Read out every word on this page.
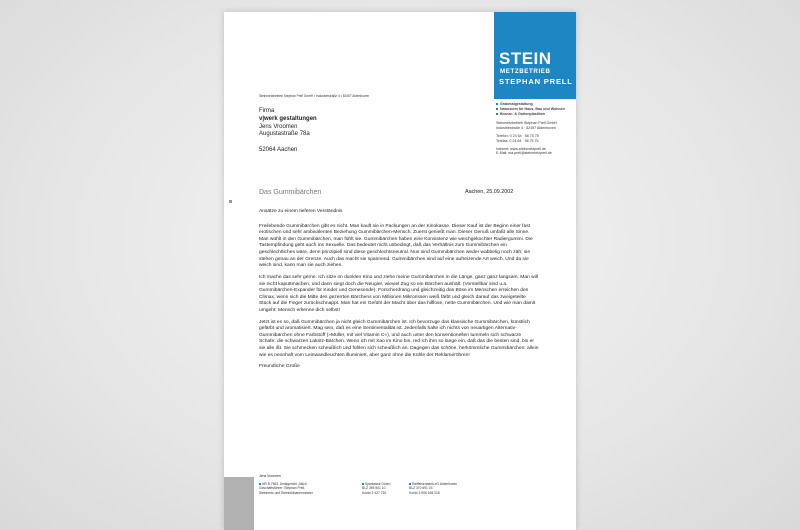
STEIN
METZBETRIEB
STEPHAN PRELL
Steinmetzbetrieb Stephan Prell GmbH • Industriestraße 4 • 52457 Aldenhoven
Firma
v|werk gestaltungen
Jens Vroomen
Augustastraße 78a
52064 Aachen
Grabmalgestaltung
Naturstein für Haus, Bau und Wohnen
Bronze- & Gartenplastiken
Steinmetzbetrieb Stephan Prell GmbH
Industriestraße 4 · 52457 Aldenhoven
Telefon: 0 24 64 · 58 75 75
Telefax: 0 24 64 · 58 75 75
Internet: www.steinmetzprell.de
E-Mail: ma.prell@steinmetzprell.de
Das Gummibärchen	Aachen, 25.09.2002

Ansätze zu einem tieferen Verständnis

Freilebende Gummibärchen gibt es nicht. Man kauft sie in Packungen an der Kinokasse. Dieser Kauf ist der Beginn einer fast erotischen und sehr ambivalenten Beziehung Gummibärchen-Mensch. Zuerst genießt man. Dieser Genuß umfaßt alle Sinne. Man wühlt in den Gummibärchen, man fühlt sie. Gummibärchen haben eine Konsistenz wie weichgekochter Radiergummi. Die Tastempfindung geht auch ins Sexuelle. Das bedeutet nicht unbedingt, daß das Verhältnis zum Gummibärchen ein geschlechtliches wäre, denn prinzipiell sind diese geschlechtsneutral. Nun sind Gummibärchen weder wabbelig noch zäh; sie stehen genau an der Grenze. Auch das macht sie spannend. Gummibärchen sind auf eine aufreizende Art weich. Und da sie weich sind, kann man sie auch ziehen.

Ich mache das sehr gerne. Ich sitze im dunklen Kino und ziehe meine Gummibärchen in die Länge, ganz ganz langsam. Man will sie nicht kaputtmachen, und dann siegt doch die Neugier, wieviel Zug so ein Bärchen aushält. (Vorstellbar sind u.a. Gummibärchen-Expander für Kinder und Genesende). Forscherdrang und gleichzeitig das Böse im Menschen erreichen den Climax, wenn sich die Mitte des gezerrten Bärchens von Millionen Mikrorissen weiß färbt und gleich darauf das zweigeteilte Stück auf die Finger zurückschnappt. Man hat ein Gefühl der Macht über das hilflose, nette Gummibärchen. Und wie man damit umgeht: Mensch erkenne dich selbst!

Jetzt ist es so, daß Gummibärchen ja nicht gleich Gummibärchen ist. Ich bevorzuge das klassische Gummibärchen, künstlich gefärbt und aromatisiert. Mag sein, daß es eine Sentimentalität ist. Jedenfalls halte ich nichts von neuartigen Alternativ-Gummibärchen ohne Farbstoff (»Müller, mit viel Vitamin C«), und auch unter den konventionellen tummeln sich schwarze Schafe: die schwarzen Lakritz-Bärchen. Wenn ich mit Xao im Kino bin, red ich ihm so lange ein, daß das die besten sind, bis er sie alle ißt. Sie schmecken scheußlich und fühlen sich scheußlich an. Dagegen das schöne, herkömmliche Gummibärchen: allein wie es neonhaft vom Leinwandleuchten illuminiert, aber ganz ohne die Kühle der Reklameröhren!

Freundliche Grüße

Jens Vroomen
HR B 7563, Amtsgericht Jülich
Geschäftsführer: Stephan Prell,
Steinmetz und Steinbildhauermeister
Sparkasse Düren
BLZ 395 501 10
Konto 3 427 730
Raiffeisenbank eG Aldenhoven
BLZ 370 691 03
Konto 3 906 168 018
